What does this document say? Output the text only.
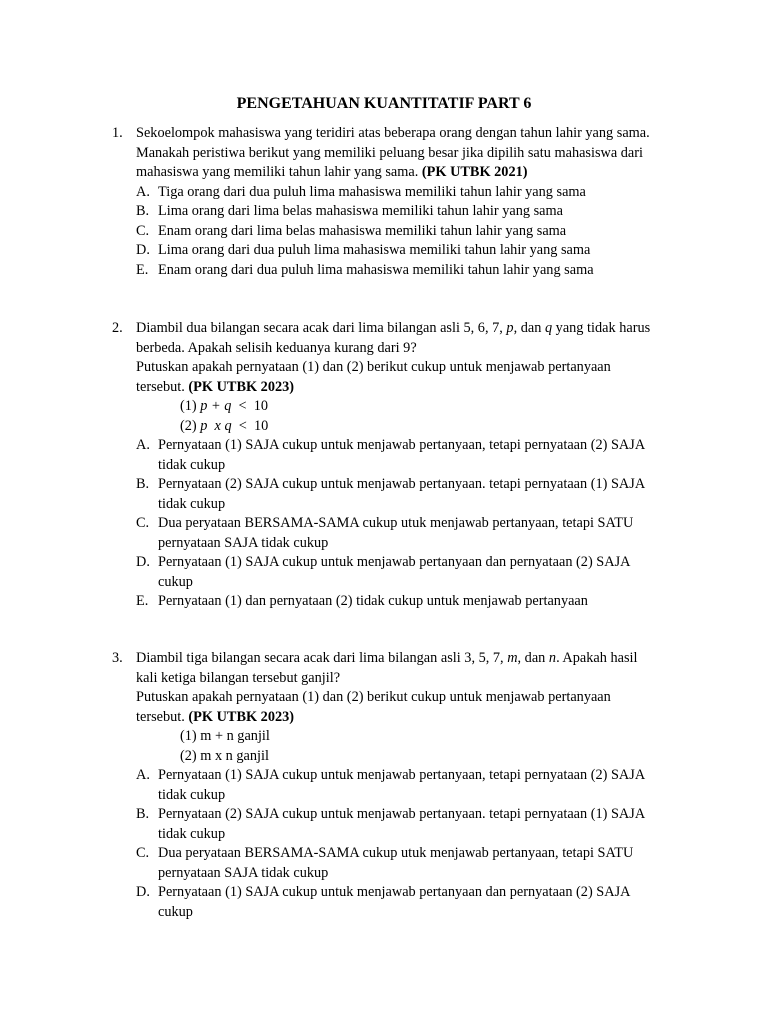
PENGETAHUAN KUANTITATIF PART 6
1. Sekoelompok mahasiswa yang teridiri atas beberapa orang dengan tahun lahir yang sama.

Manakah peristiwa berikut yang memiliki peluang besar jika dipilih satu mahasiswa dari

mahasiswa yang memiliki tahun lahir yang sama. (PK UTBK 2021)

A. Tiga orang dari dua puluh lima mahasiswa memiliki tahun lahir yang sama
B. Lima orang dari lima belas mahasiswa memiliki tahun lahir yang sama
C. Enam orang dari lima belas mahasiswa memiliki tahun lahir yang sama
D. Lima orang dari dua puluh lima mahasiswa memiliki tahun lahir yang sama
E. Enam orang dari dua puluh lima mahasiswa memiliki tahun lahir yang sama
2. Diambil dua bilangan secara acak dari lima bilangan asli 5, 6, 7, p, dan q yang tidak harus

berbeda. Apakah selisih keduanya kurang dari 9?

Putuskan apakah pernyataan (1) dan (2) berikut cukup untuk menjawab pertanyaan

tersebut. (PK UTBK 2023)

(1) p + q  <  10

(2) p  x q  <  10

A. Pernyataan (1) SAJA cukup untuk menjawab pertanyaan, tetapi pernyataan (2) SAJA
tidak cukup
B. Pernyataan (2) SAJA cukup untuk menjawab pertanyaan. tetapi pernyataan (1) SAJA
tidak cukup
C. Dua peryataan BERSAMA-SAMA cukup utuk menjawab pertanyaan, tetapi SATU
pernyataan SAJA tidak cukup
D. Pernyataan (1) SAJA cukup untuk menjawab pertanyaan dan pernyataan (2) SAJA
cukup
E. Pernyataan (1) dan pernyataan (2) tidak cukup untuk menjawab pertanyaan
3. Diambil tiga bilangan secara acak dari lima bilangan asli 3, 5, 7, m, dan n. Apakah hasil

kali ketiga bilangan tersebut ganjil?

Putuskan apakah pernyataan (1) dan (2) berikut cukup untuk menjawab pertanyaan

tersebut. (PK UTBK 2023)

(1) m + n ganjil

(2) m x n ganjil

A. Pernyataan (1) SAJA cukup untuk menjawab pertanyaan, tetapi pernyataan (2) SAJA
tidak cukup
B. Pernyataan (2) SAJA cukup untuk menjawab pertanyaan. tetapi pernyataan (1) SAJA
tidak cukup
C. Dua peryataan BERSAMA-SAMA cukup utuk menjawab pertanyaan, tetapi SATU
pernyataan SAJA tidak cukup
D. Pernyataan (1) SAJA cukup untuk menjawab pertanyaan dan pernyataan (2) SAJA
cukup
